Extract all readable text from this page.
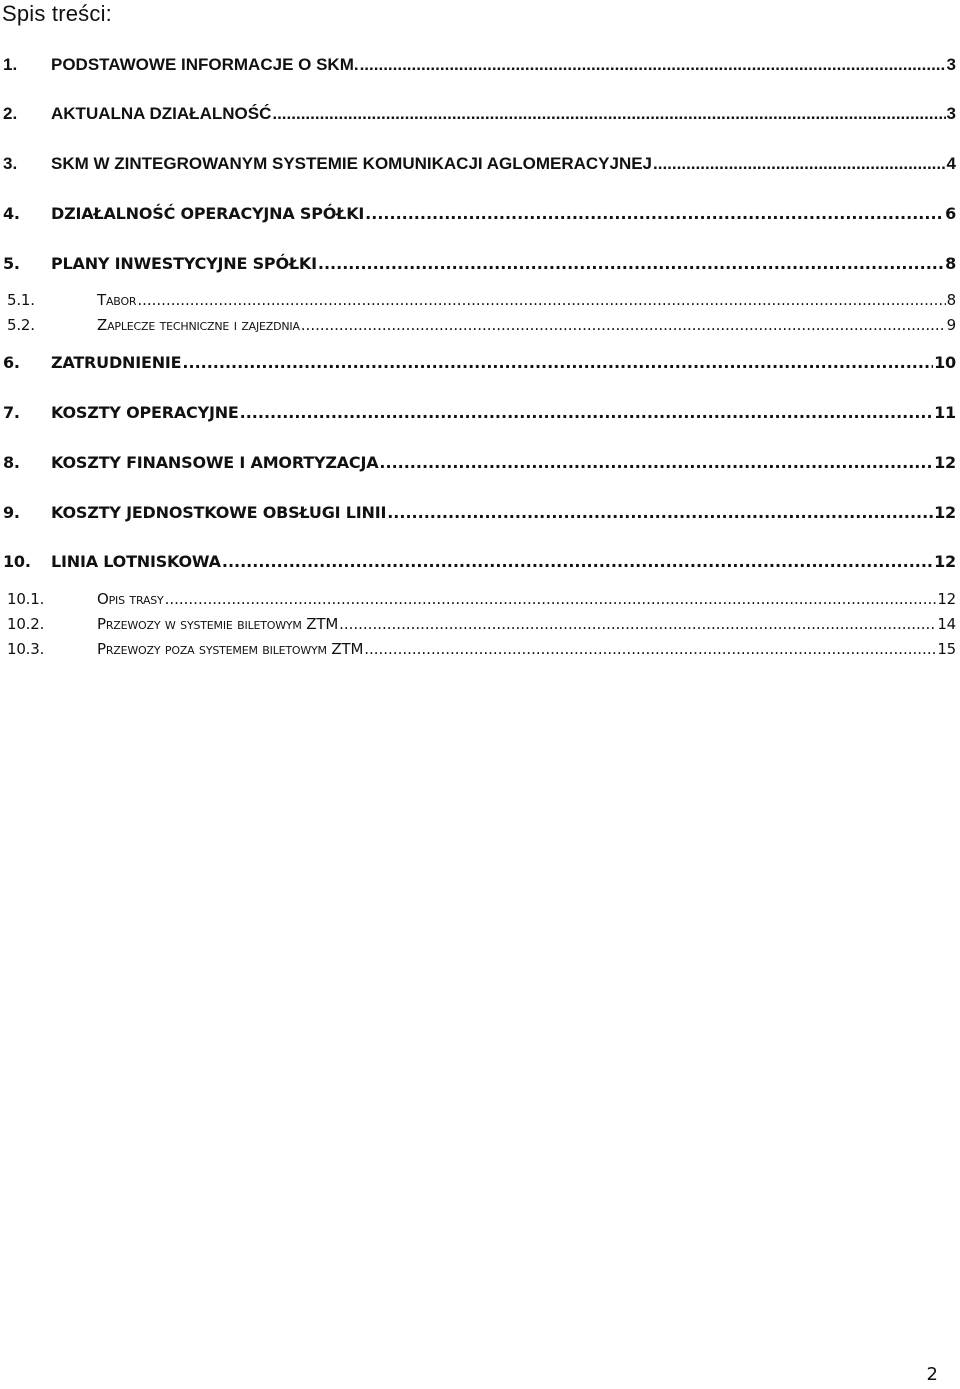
Spis treści:
1.	PODSTAWOWE INFORMACJE O SKM. .....	3
2.	AKTUALNA DZIAŁALNOŚĆ .....	3
3.	SKM W ZINTEGROWANYM SYSTEMIE KOMUNIKACJI AGLOMERACYJNEJ .....	4
4.	DZIAŁALNOŚĆ OPERACYJNA SPÓŁKI .....	6
5.	PLANY INWESTYCYJNE SPÓŁKI .....	8
5.1.	Tabor .....	8
5.2.	Zaplecze techniczne i zajezdnia .....	9
6.	ZATRUDNIENIE .....	10
7.	KOSZTY OPERACYJNE .....	11
8.	KOSZTY FINANSOWE I AMORTYZACJA .....	12
9.	KOSZTY JEDNOSTKOWE OBSŁUGI LINII .....	12
10.	LINIA LOTNISKOWA .....	12
10.1.	Opis trasy .....	12
10.2.	Przewozy w systemie biletowym ZTM .....	14
10.3.	Przewozy poza systemem biletowym ZTM .....	15
2
